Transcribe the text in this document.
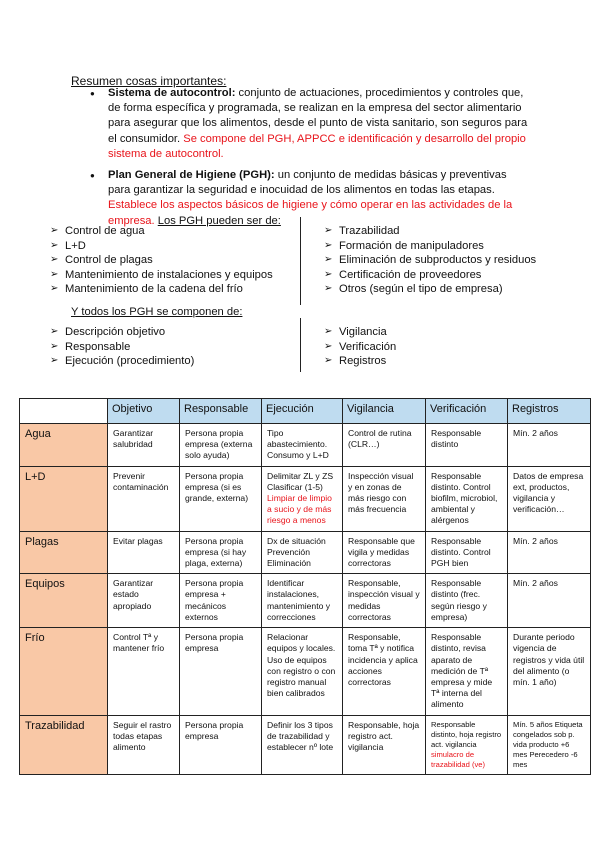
Resumen cosas importantes:
● Sistema de autocontrol: conjunto de actuaciones, procedimientos y controles que, de forma específica y programada, se realizan en la empresa del sector alimentario para asegurar que los alimentos, desde el punto de vista sanitario, son seguros para el consumidor. Se compone del PGH, APPCC e identificación y desarrollo del propio sistema de autocontrol.
● Plan General de Higiene (PGH): un conjunto de medidas básicas y preventivas para garantizar la seguridad e inocuidad de los alimentos en todas las etapas. Establece los aspectos básicos de higiene y cómo operar en las actividades de la empresa. Los PGH pueden ser de:
➢ Control de agua
➢ L+D
➢ Control de plagas
➢ Mantenimiento de instalaciones y equipos
➢ Mantenimiento de la cadena del frío
➢ Trazabilidad
➢ Formación de manipuladores
➢ Eliminación de subproductos y residuos
➢ Certificación de proveedores
➢ Otros (según el tipo de empresa)
Y todos los PGH se componen de:
➢ Descripción objetivo
➢ Responsable
➢ Ejecución (procedimiento)
➢ Vigilancia
➢ Verificación
➢ Registros
	Objetivo	Responsable	Ejecución	Vigilancia	Verificación	Registros
Agua	Garantizar salubridad	Persona propia empresa (externa solo ayuda)	Tipo abastecimiento. Consumo y L+D	Control de rutina (CLR…)	Responsable distinto	Mín. 2 años
L+D	Prevenir contaminación	Persona propia empresa (si es grande, externa)	Delimitar ZL y ZS Clasificar (1-5) Limpiar de limpio a sucio y de más riesgo a menos	Inspección visual y en zonas de más riesgo con más frecuencia	Responsable distinto. Control biofilm, microbiol, ambiental y alérgenos	Datos de empresa ext, productos, vigilancia y verificación…
Plagas	Evitar plagas	Persona propia empresa (si hay plaga, externa)	Dx de situación Prevención Eliminación	Responsable que vigila y medidas correctoras	Responsable distinto. Control PGH bien	Mín. 2 años
Equipos	Garantizar estado apropiado	Persona propia empresa + mecánicos externos	Identificar instalaciones, mantenimiento y correcciones	Responsable, inspección visual y medidas correctoras	Responsable distinto (frec. según riesgo y empresa)	Mín. 2 años
Frío	Control Tª y mantener frío	Persona propia empresa	Relacionar equipos y locales. Uso de equipos con registro o con registro manual bien calibrados	Responsable, toma Tª y notifica incidencia y aplica acciones correctoras	Responsable distinto, revisa aparato de medición de Tª empresa y mide Tª interna del alimento	Durante periodo vigencia de registros y vida útil del alimento (o mín. 1 año)
Trazabilidad	Seguir el rastro todas etapas alimento	Persona propia empresa	Definir los 3 tipos de trazabilidad y establecer nº lote	Responsable, hoja registro act. vigilancia	Responsable distinto, hoja registro act. vigilancia simulacro de trazabilidad (ve)	Mín. 5 años Etiqueta congelados sob p. vida producto +6 mes Perecedero -6 mes
